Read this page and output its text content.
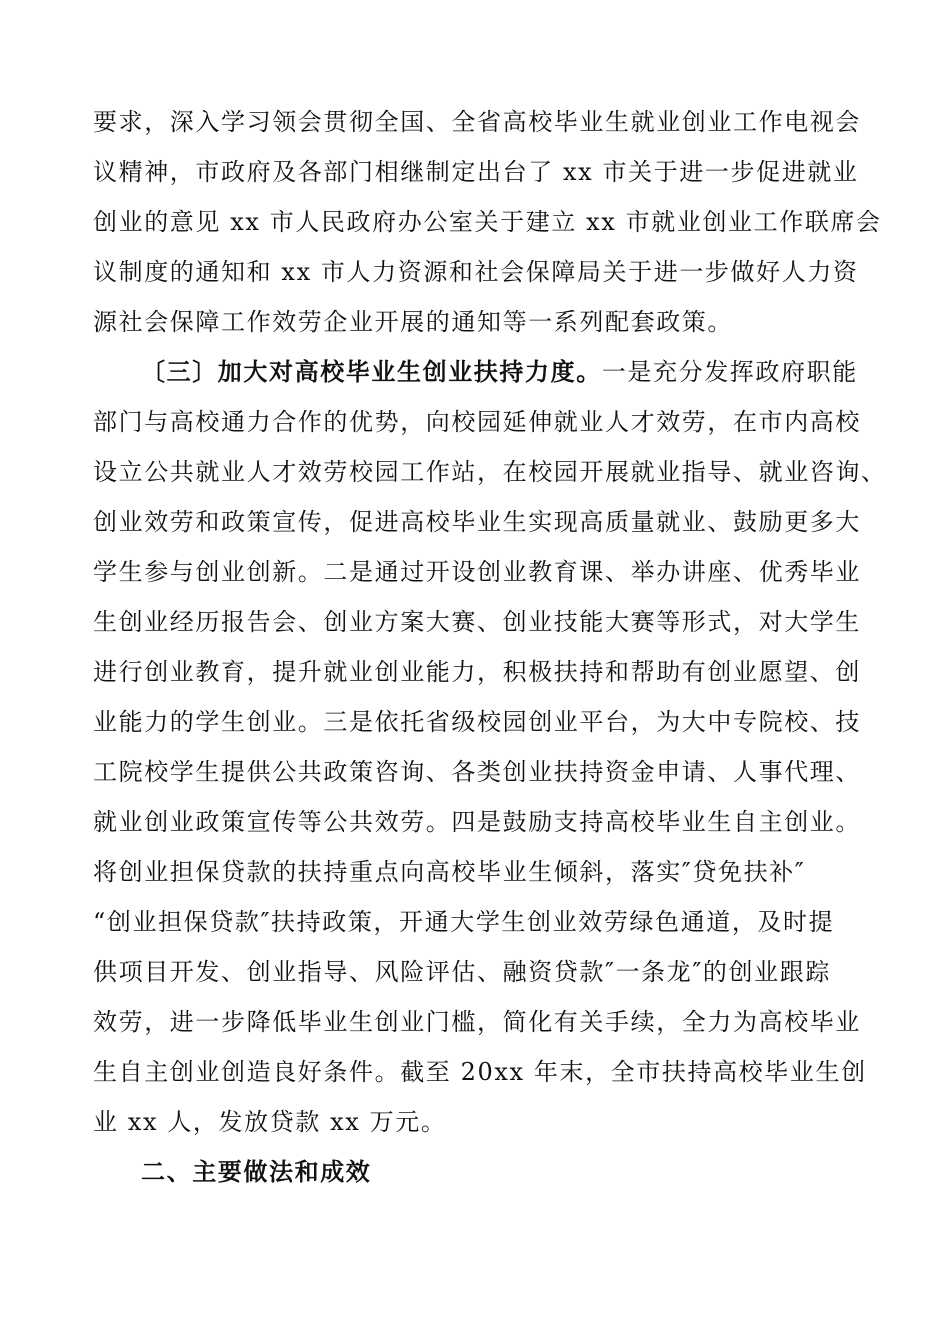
要求，深入学习领会贯彻全国、全省高校毕业生就业创业工作电视会
议精神，市政府及各部门相继制定出台了 xx 市关于进一步促进就业
创业的意见 xx 市人民政府办公室关于建立 xx 市就业创业工作联席会
议制度的通知和 xx 市人力资源和社会保障局关于进一步做好人力资
源社会保障工作效劳企业开展的通知等一系列配套政策。
〔三〕加大对高校毕业生创业扶持力度。一是充分发挥政府职能
部门与高校通力合作的优势，向校园延伸就业人才效劳，在市内高校
设立公共就业人才效劳校园工作站，在校园开展就业指导、就业咨询、
创业效劳和政策宣传，促进高校毕业生实现高质量就业、鼓励更多大
学生参与创业创新。二是通过开设创业教育课、举办讲座、优秀毕业
生创业经历报告会、创业方案大赛、创业技能大赛等形式，对大学生
进行创业教育，提升就业创业能力，积极扶持和帮助有创业愿望、创
业能力的学生创业。三是依托省级校园创业平台，为大中专院校、技
工院校学生提供公共政策咨询、各类创业扶持资金申请、人事代理、
就业创业政策宣传等公共效劳。四是鼓励支持高校毕业生自主创业。
将创业担保贷款的扶持重点向高校毕业生倾斜，落实″贷免扶补″
“创业担保贷款″扶持政策，开通大学生创业效劳绿色通道，及时提
供项目开发、创业指导、风险评估、融资贷款″一条龙″的创业跟踪
效劳，进一步降低毕业生创业门槛，简化有关手续，全力为高校毕业
生自主创业创造良好条件。截至 20xx 年末，全市扶持高校毕业生创
业 xx 人，发放贷款 xx 万元。
二、主要做法和成效
